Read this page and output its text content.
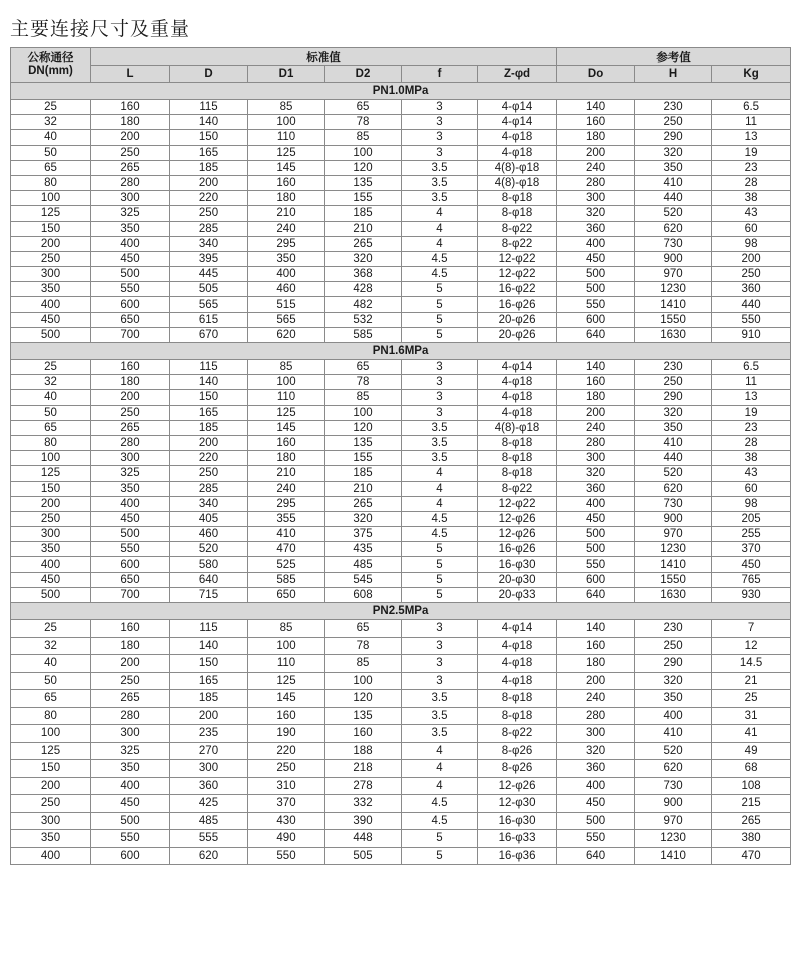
主要连接尺寸及重量
公称通径DN(mm)	标准值						参考值		
	L	D	D1	D2	f	Z-φd	Do	H	Kg
PN1.0MPa									
25	160	115	85	65	3	4-φ14	140	230	6.5
32	180	140	100	78	3	4-φ14	160	250	11
40	200	150	110	85	3	4-φ18	180	290	13
50	250	165	125	100	3	4-φ18	200	320	19
65	265	185	145	120	3.5	4(8)-φ18	240	350	23
80	280	200	160	135	3.5	4(8)-φ18	280	410	28
100	300	220	180	155	3.5	8-φ18	300	440	38
125	325	250	210	185	4	8-φ18	320	520	43
150	350	285	240	210	4	8-φ22	360	620	60
200	400	340	295	265	4	8-φ22	400	730	98
250	450	395	350	320	4.5	12-φ22	450	900	200
300	500	445	400	368	4.5	12-φ22	500	970	250
350	550	505	460	428	5	16-φ22	500	1230	360
400	600	565	515	482	5	16-φ26	550	1410	440
450	650	615	565	532	5	20-φ26	600	1550	550
500	700	670	620	585	5	20-φ26	640	1630	910
PN1.6MPa									
25	160	115	85	65	3	4-φ14	140	230	6.5
32	180	140	100	78	3	4-φ18	160	250	11
40	200	150	110	85	3	4-φ18	180	290	13
50	250	165	125	100	3	4-φ18	200	320	19
65	265	185	145	120	3.5	4(8)-φ18	240	350	23
80	280	200	160	135	3.5	8-φ18	280	410	28
100	300	220	180	155	3.5	8-φ18	300	440	38
125	325	250	210	185	4	8-φ18	320	520	43
150	350	285	240	210	4	8-φ22	360	620	60
200	400	340	295	265	4	12-φ22	400	730	98
250	450	405	355	320	4.5	12-φ26	450	900	205
300	500	460	410	375	4.5	12-φ26	500	970	255
350	550	520	470	435	5	16-φ26	500	1230	370
400	600	580	525	485	5	16-φ30	550	1410	450
450	650	640	585	545	5	20-φ30	600	1550	765
500	700	715	650	608	5	20-φ33	640	1630	930
PN2.5MPa									
25	160	115	85	65	3	4-φ14	140	230	7
32	180	140	100	78	3	4-φ18	160	250	12
40	200	150	110	85	3	4-φ18	180	290	14.5
50	250	165	125	100	3	4-φ18	200	320	21
65	265	185	145	120	3.5	8-φ18	240	350	25
80	280	200	160	135	3.5	8-φ18	280	400	31
100	300	235	190	160	3.5	8-φ22	300	410	41
125	325	270	220	188	4	8-φ26	320	520	49
150	350	300	250	218	4	8-φ26	360	620	68
200	400	360	310	278	4	12-φ26	400	730	108
250	450	425	370	332	4.5	12-φ30	450	900	215
300	500	485	430	390	4.5	16-φ30	500	970	265
350	550	555	490	448	5	16-φ33	550	1230	380
400	600	620	550	505	5	16-φ36	640	1410	470
